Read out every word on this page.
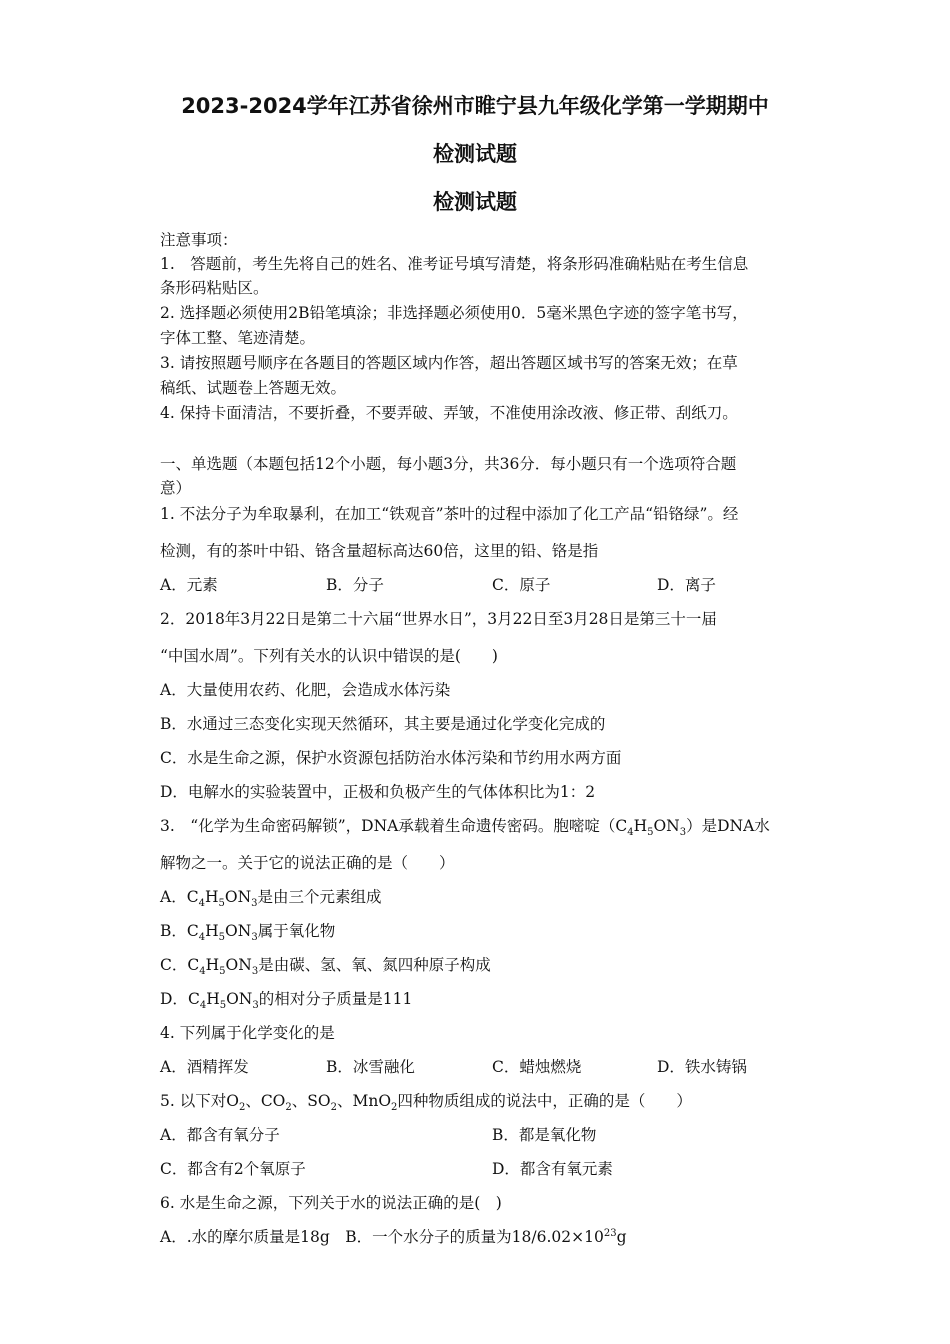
2023-2024学年江苏省徐州市睢宁县九年级化学第一学期期中
检测试题
检测试题
注意事项：
1.　答题前，考生先将自己的姓名、准考证号填写清楚，将条形码准确粘贴在考生信息
条形码粘贴区。
2. 选择题必须使用2B铅笔填涂；非选择题必须使用0．5毫米黑色字迹的签字笔书写，
字体工整、笔迹清楚。
3. 请按照题号顺序在各题目的答题区域内作答，超出答题区域书写的答案无效；在草
稿纸、试题卷上答题无效。
4. 保持卡面清洁，不要折叠，不要弄破、弄皱，不准使用涂改液、修正带、刮纸刀。
一、单选题（本题包括12个小题，每小题3分，共36分．每小题只有一个选项符合题
意）
1. 不法分子为牟取暴利，在加工“铁观音”茶叶的过程中添加了化工产品“铅铬绿”。经
检测，有的茶叶中铅、铬含量超标高达60倍，这里的铅、铬是指
A．元素	B．分子	C．原子	D．离子
2．2018年3月22日是第二十六届“世界水日”，3月22日至3月28日是第三十一届
“中国水周”。下列有关水的认识中错误的是(　　)
A．大量使用农药、化肥，会造成水体污染
B．水通过三态变化实现天然循环，其主要是通过化学变化完成的
C．水是生命之源，保护水资源包括防治水体污染和节约用水两方面
D．电解水的实验装置中，正极和负极产生的气体体积比为1：2
3.　“化学为生命密码解锁”，DNA承载着生命遗传密码。胞嘧啶$(C_4H_5ON_3)$是DNA水
解物之一。关于它的说法正确的是（　　）
A．$C_4H_5ON_3$是由三个元素组成
B．$C_4H_5ON_3$属于氧化物
C．$C_4H_5ON_3$是由碳、氢、氧、氮四种原子构成
D．$C_4H_5ON_3$的相对分子质量是111
4. 下列属于化学变化的是
A．酒精挥发	B．冰雪融化	C．蜡烛燃烧	D．铁水铸锅
5. 以下对$O_2$、$CO_2$、$SO_2$、MnO$_2$四种物质组成的说法中，正确的是（　　）
A．都含有氧分子	B．都是氧化物
C．都含有2个氧原子	D．都含有氧元素
6. 水是生命之源，下列关于水的说法正确的是(　)
A．.水的摩尔质量是18g　B．一个水分子的质量为$18/6.02\times 10^{23}g$
